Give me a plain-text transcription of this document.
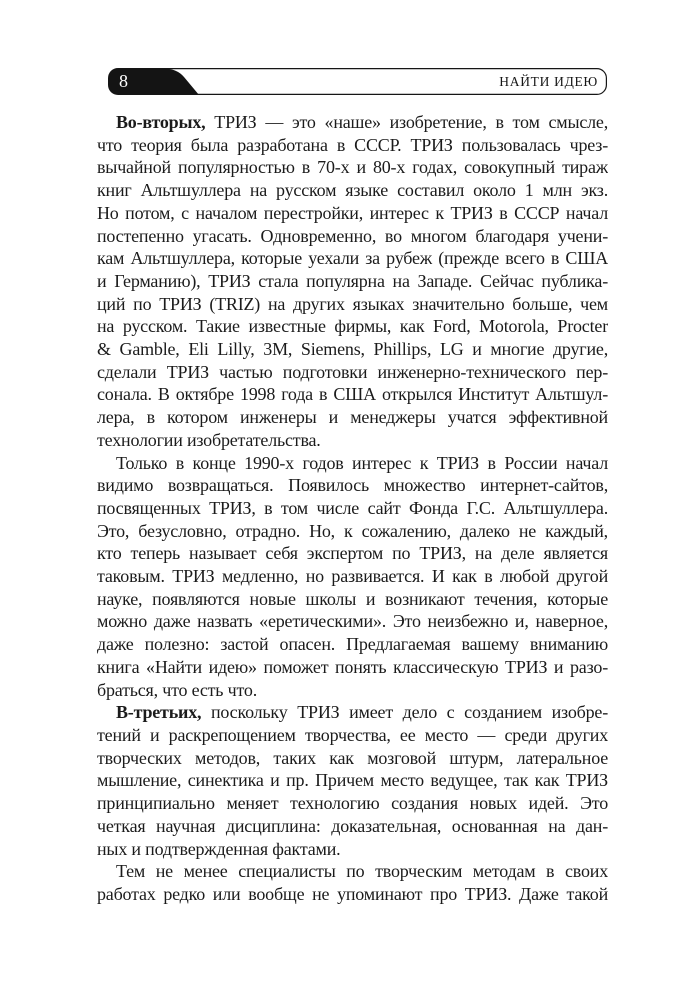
8	НАЙТИ ИДЕЮ
Во-вторых, ТРИЗ — это «наше» изобретение, в том смысле,
что теория была разработана в СССР. ТРИЗ пользовалась чрез-
вычайной популярностью в 70-х и 80-х годах, совокупный тираж
книг Альтшуллера на русском языке составил около 1 млн экз.
Но потом, с началом перестройки, интерес к ТРИЗ в СССР начал
постепенно угасать. Одновременно, во многом благодаря учени-
кам Альтшуллера, которые уехали за рубеж (прежде всего в США
и Германию), ТРИЗ стала популярна на Западе. Сейчас публика-
ций по ТРИЗ (TRIZ) на других языках значительно больше, чем
на русском. Такие известные фирмы, как Ford, Motorola, Procter
& Gamble, Eli Lilly, 3M, Siemens, Phillips, LG и многие другие,
сделали ТРИЗ частью подготовки инженерно-технического пер-
сонала. В октябре 1998 года в США открылся Институт Альтшул-
лера, в котором инженеры и менеджеры учатся эффективной
технологии изобретательства.
Только в конце 1990-х годов интерес к ТРИЗ в России начал
видимо возвращаться. Появилось множество интернет-сайтов,
посвященных ТРИЗ, в том числе сайт Фонда Г.С. Альтшуллера.
Это, безусловно, отрадно. Но, к сожалению, далеко не каждый,
кто теперь называет себя экспертом по ТРИЗ, на деле является
таковым. ТРИЗ медленно, но развивается. И как в любой другой
науке, появляются новые школы и возникают течения, которые
можно даже назвать «еретическими». Это неизбежно и, наверное,
даже полезно: застой опасен. Предлагаемая вашему вниманию
книга «Найти идею» поможет понять классическую ТРИЗ и разо-
браться, что есть что.
В-третьих, поскольку ТРИЗ имеет дело с созданием изобре-
тений и раскрепощением творчества, ее место — среди других
творческих методов, таких как мозговой штурм, латеральное
мышление, синектика и пр. Причем место ведущее, так как ТРИЗ
принципиально меняет технологию создания новых идей. Это
четкая научная дисциплина: доказательная, основанная на дан-
ных и подтвержденная фактами.
Тем не менее специалисты по творческим методам в своих
работах редко или вообще не упоминают про ТРИЗ. Даже такой
